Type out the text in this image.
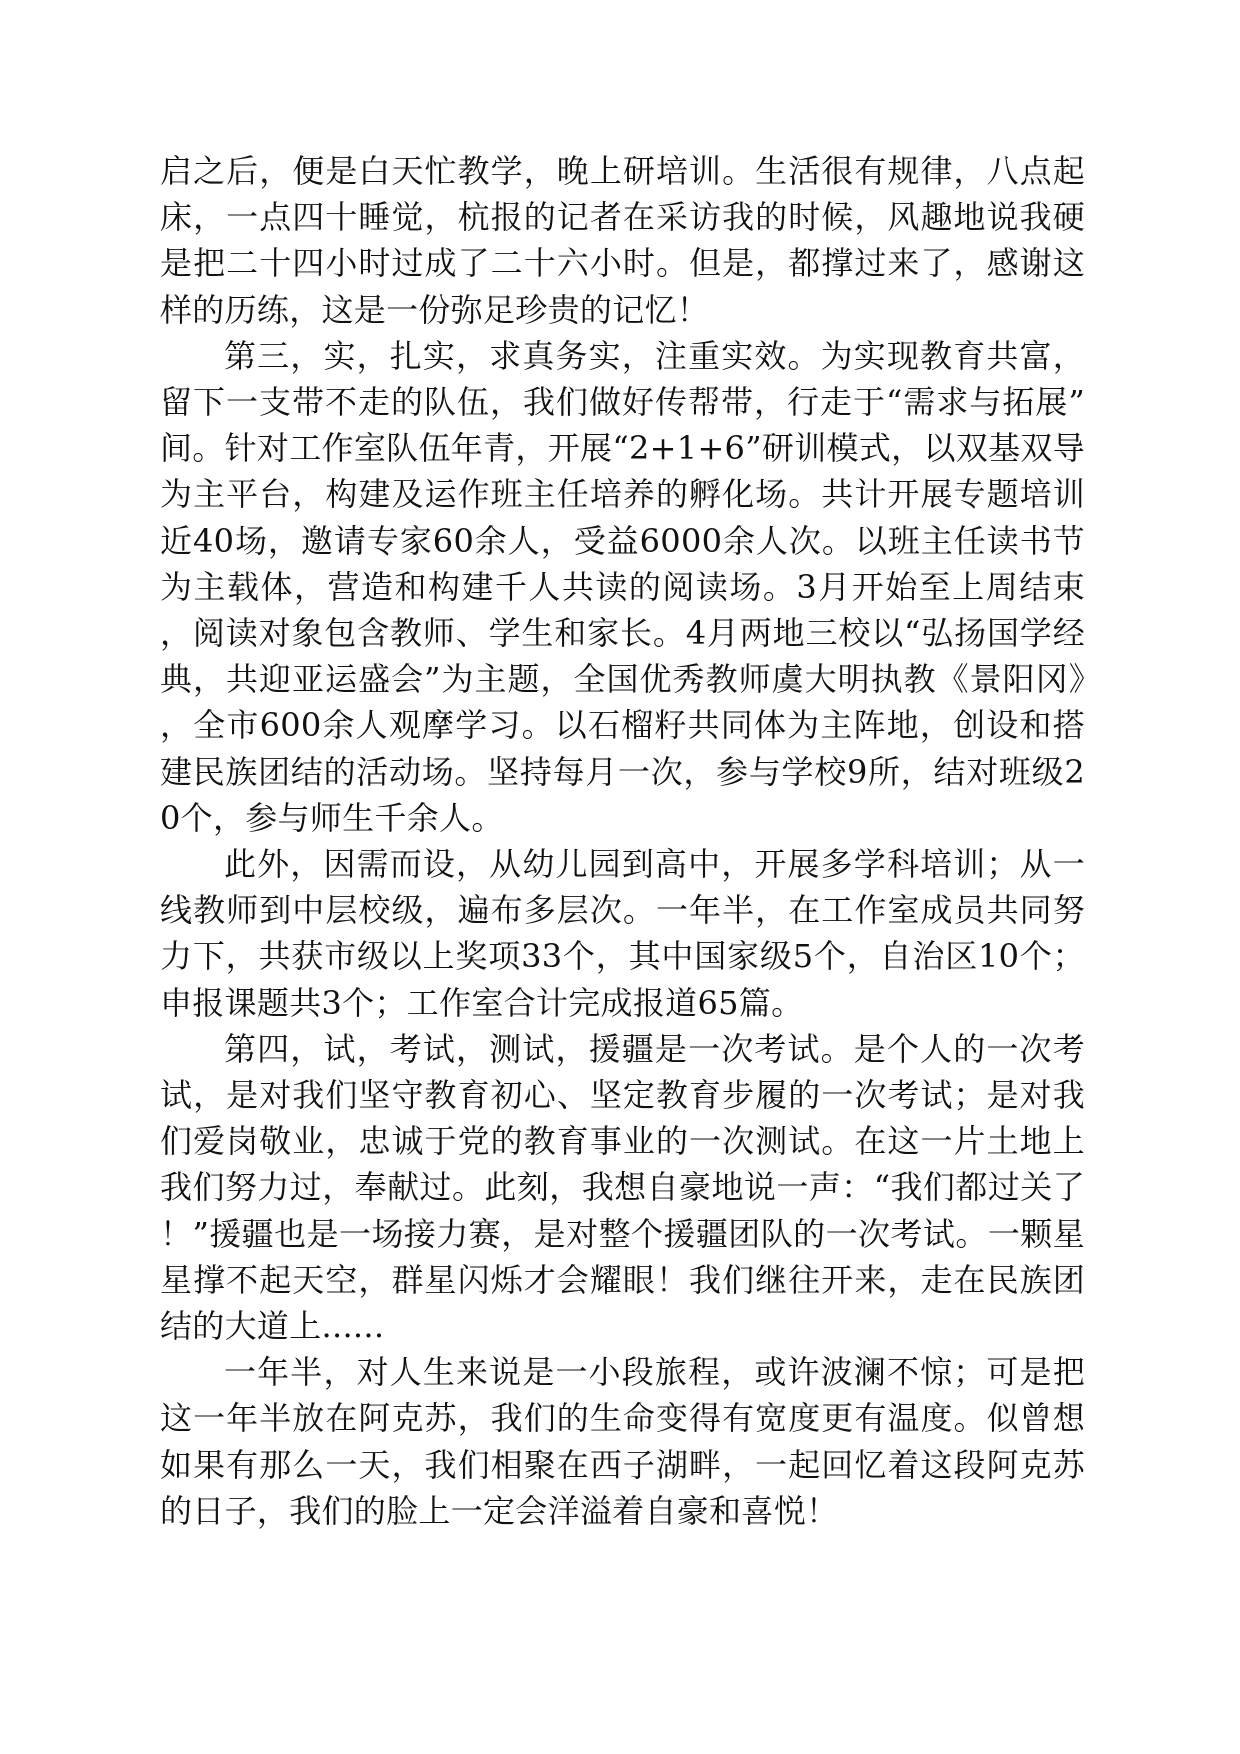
启之后，便是白天忙教学，晚上研培训。生活很有规律，八点起床，一点四十睡觉，杭报的记者在采访我的时候，风趣地说我硬是把二十四小时过成了二十六小时。但是，都撑过来了，感谢这样的历练，这是一份弥足珍贵的记忆！

第三，实，扎实，求真务实，注重实效。为实现教育共富，留下一支带不走的队伍，我们做好传帮带，行走于“需求与拓展”间。针对工作室队伍年青，开展“2+1+6”研训模式，以双基双导为主平台，构建及运作班主任培养的孵化场。共计开展专题培训近40场，邀请专家60余人，受益6000余人次。以班主任读书节为主载体，营造和构建千人共读的阅读场。3月开始至上周结束，阅读对象包含教师、学生和家长。4月两地三校以“弘扬国学经典，共迎亚运盛会”为主题，全国优秀教师虞大明执教《景阳冈》，全市600余人观摩学习。以石榴籽共同体为主阵地，创设和搭建民族团结的活动场。坚持每月一次，参与学校9所，结对班级20个，参与师生千余人。

此外，因需而设，从幼儿园到高中，开展多学科培训；从一线教师到中层校级，遍布多层次。一年半，在工作室成员共同努力下，共获市级以上奖项33个，其中国家级5个，自治区10个；申报课题共3个；工作室合计完成报道65篇。

第四，试，考试，测试，援疆是一次考试。是个人的一次考试，是对我们坚守教育初心、坚定教育步履的一次考试；是对我们爱岗敬业，忠诚于党的教育事业的一次测试。在这一片土地上我们努力过，奉献过。此刻，我想自豪地说一声：“我们都过关了！”援疆也是一场接力赛，是对整个援疆团队的一次考试。一颗星星撑不起天空，群星闪烁才会耀眼！我们继往开来，走在民族团结的大道上......

一年半，对人生来说是一小段旅程，或许波澜不惊；可是把这一年半放在阿克苏，我们的生命变得有宽度更有温度。似曾想如果有那么一天，我们相聚在西子湖畔，一起回忆着这段阿克苏的日子，我们的脸上一定会洋溢着自豪和喜悦！
